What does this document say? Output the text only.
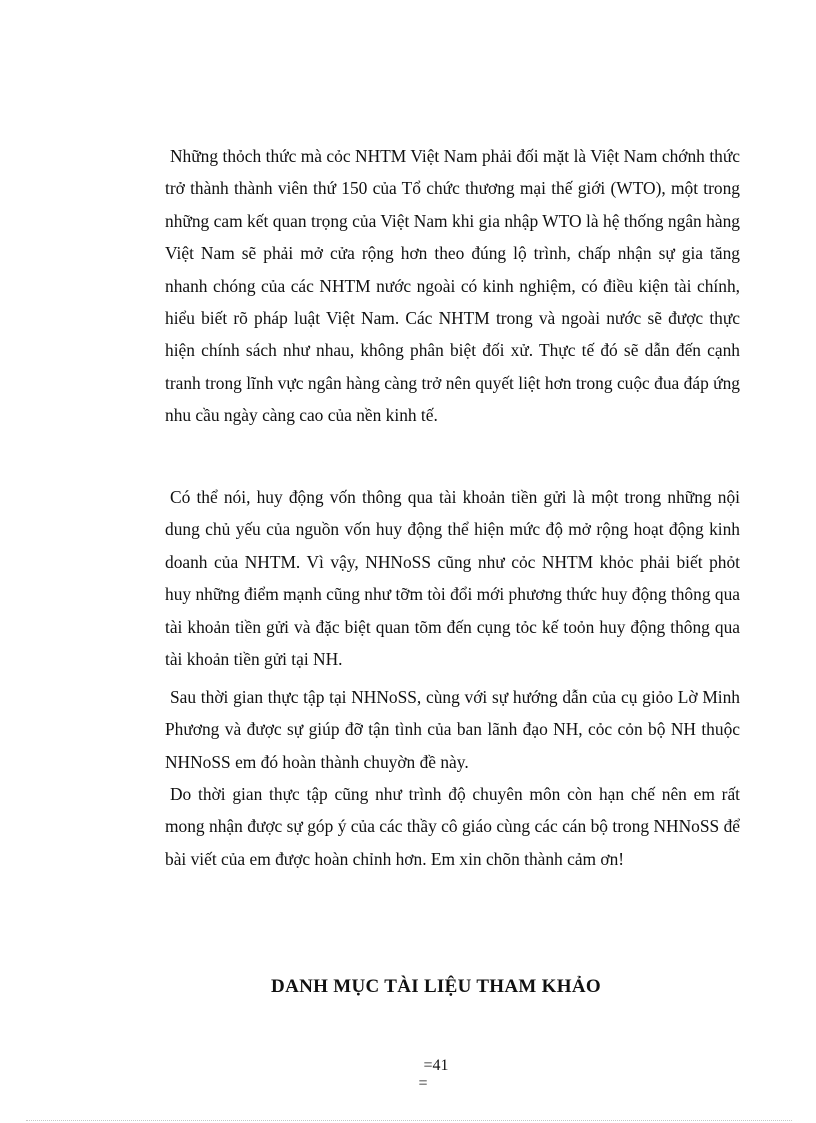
Những thỏch thức mà cỏc NHTM Việt Nam phải đối mặt là Việt Nam chớnh thức trở thành thành viên thứ 150 của Tổ chức thương mại thế giới (WTO), một trong những cam kết quan trọng của Việt Nam khi gia nhập WTO là hệ thống ngân hàng Việt Nam sẽ phải mở cửa rộng hơn theo đúng lộ trình, chấp nhận sự gia tăng nhanh chóng của các NHTM nước ngoài có kinh nghiệm, có điều kiện tài chính, hiểu biết rõ pháp luật Việt Nam. Các NHTM trong và ngoài nước sẽ được thực hiện chính sách như nhau, không phân biệt đối xử. Thực tế đó sẽ dẫn đến cạnh tranh trong lĩnh vực ngân hàng càng trở nên quyết liệt hơn trong cuộc đua đáp ứng nhu cầu ngày càng cao của nền kinh tế.

Có thể nói, huy động vốn thông qua tài khoản tiền gửi là một trong những nội dung chủ yếu của nguồn vốn huy động thể hiện mức độ mở rộng hoạt động kinh doanh của NHTM. Vì vậy, NHNoSS cũng như cỏc NHTM khỏc phải biết phỏt huy những điểm mạnh cũng như tỡm tòi đổi mới phương thức huy động thông qua tài khoản tiền gửi và đặc biệt quan tõm đến cụng tỏc kế toỏn huy động thông qua tài khoản tiền gửi tại NH.

Sau thời gian thực tập tại NHNoSS, cùng với sự hướng dẫn của cụ giỏo Lờ Minh Phương và được sự giúp đỡ tận tình của ban lãnh đạo NH, cỏc cỏn bộ NH thuộc NHNoSS em đó hoàn thành chuyờn đề này.

Do thời gian thực tập cũng như trình độ chuyên môn còn hạn chế nên em rất mong nhận được sự góp ý của các thầy cô giáo cùng các cán bộ trong NHNoSS để bài viết của em được hoàn chỉnh hơn. Em xin chõn thành cảm ơn!

DANH MỤC TÀI LIỆU THAM KHẢO
=41
=
